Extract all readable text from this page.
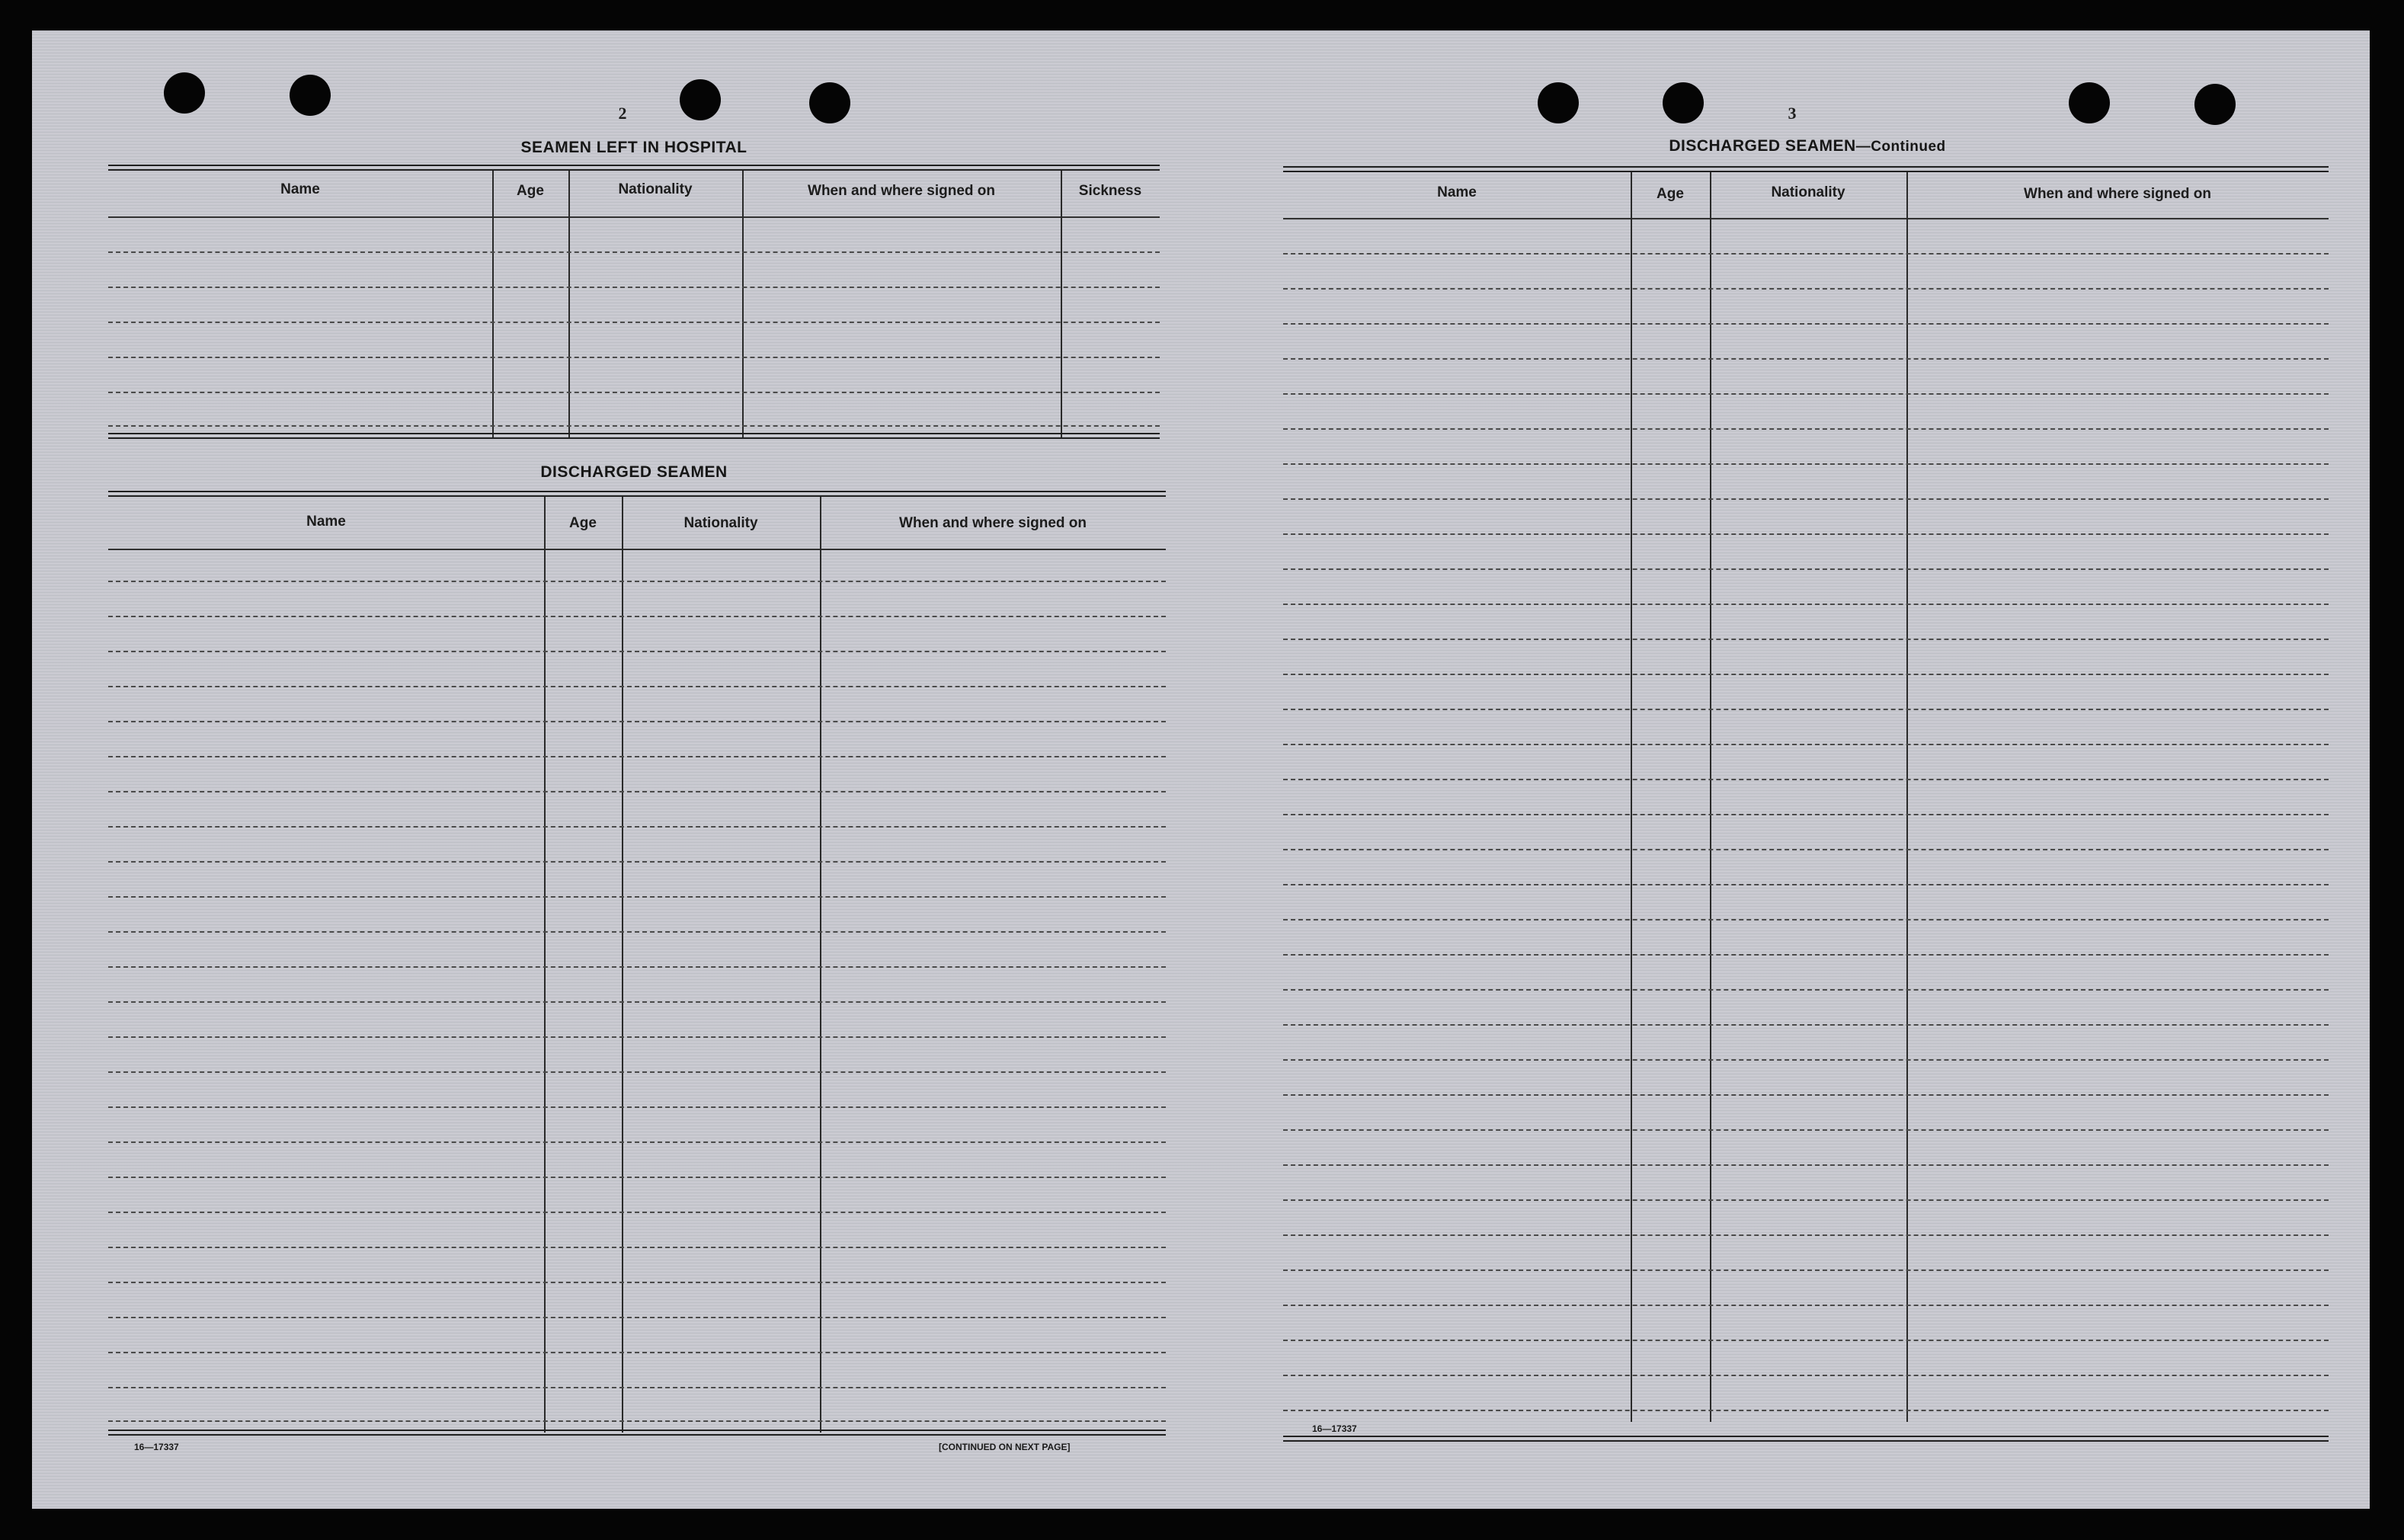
2
SEAMEN LEFT IN HOSPITAL
Name	Age	Nationality	When and where signed on	Sickness
DISCHARGED SEAMEN
Name	Age	Nationality	When and where signed on
16—17337	[CONTINUED ON NEXT PAGE]
3
DISCHARGED SEAMEN—Continued
Name	Age	Nationality	When and where signed on
16—17337
